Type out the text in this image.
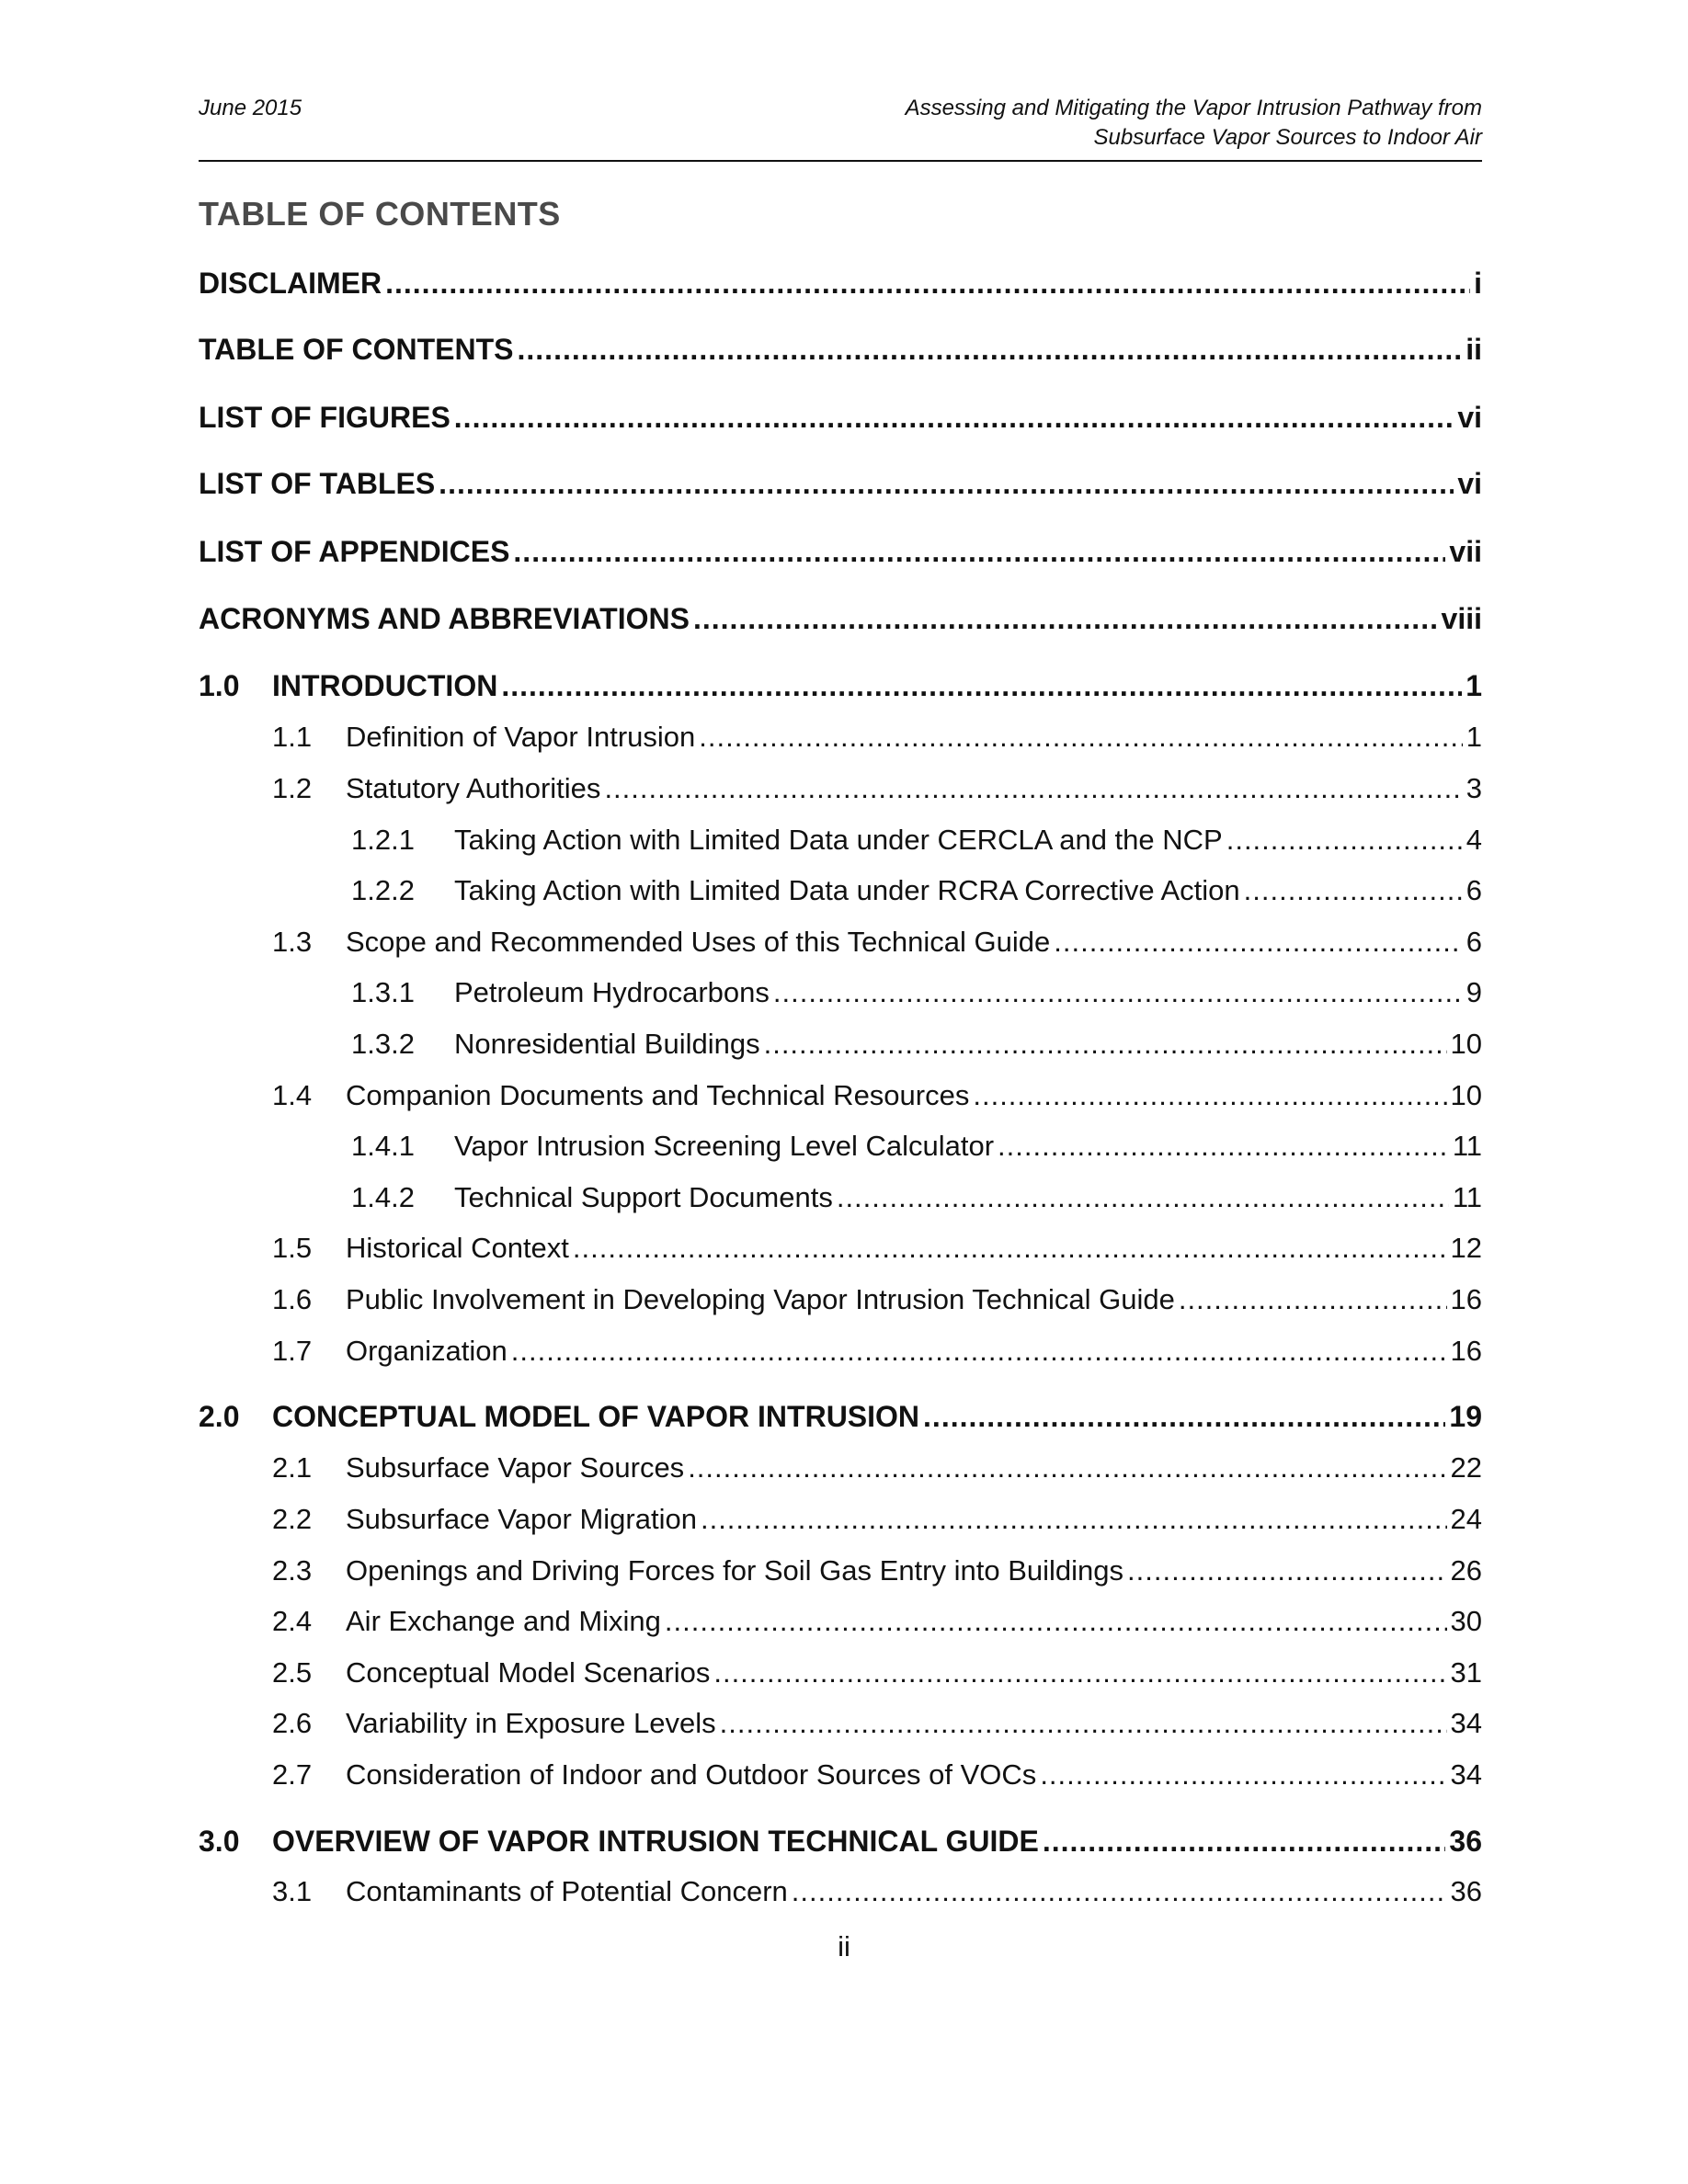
June 2015	Assessing and Mitigating the Vapor Intrusion Pathway from
Subsurface Vapor Sources to Indoor Air
TABLE OF CONTENTS
DISCLAIMER .....	i
TABLE OF CONTENTS .....	ii
LIST OF FIGURES .....	vi
LIST OF TABLES .....	vi
LIST OF APPENDICES .....	vii
ACRONYMS AND ABBREVIATIONS .....	viii
1.0	INTRODUCTION .....	1
1.1	Definition of Vapor Intrusion .....	1
1.2	Statutory Authorities .....	3
1.2.1	Taking Action with Limited Data under CERCLA and the NCP .....	4
1.2.2	Taking Action with Limited Data under RCRA Corrective Action .....	6
1.3	Scope and Recommended Uses of this Technical Guide .....	6
1.3.1	Petroleum Hydrocarbons .....	9
1.3.2	Nonresidential Buildings .....	10
1.4	Companion Documents and Technical Resources .....	10
1.4.1	Vapor Intrusion Screening Level Calculator .....	11
1.4.2	Technical Support Documents .....	11
1.5	Historical Context .....	12
1.6	Public Involvement in Developing Vapor Intrusion Technical Guide .....	16
1.7	Organization .....	16
2.0	CONCEPTUAL MODEL OF VAPOR INTRUSION .....	19
2.1	Subsurface Vapor Sources .....	22
2.2	Subsurface Vapor Migration .....	24
2.3	Openings and Driving Forces for Soil Gas Entry into Buildings .....	26
2.4	Air Exchange and Mixing .....	30
2.5	Conceptual Model Scenarios .....	31
2.6	Variability in Exposure Levels .....	34
2.7	Consideration of Indoor and Outdoor Sources of VOCs .....	34
3.0	OVERVIEW OF VAPOR INTRUSION TECHNICAL GUIDE .....	36
3.1	Contaminants of Potential Concern .....	36
ii
